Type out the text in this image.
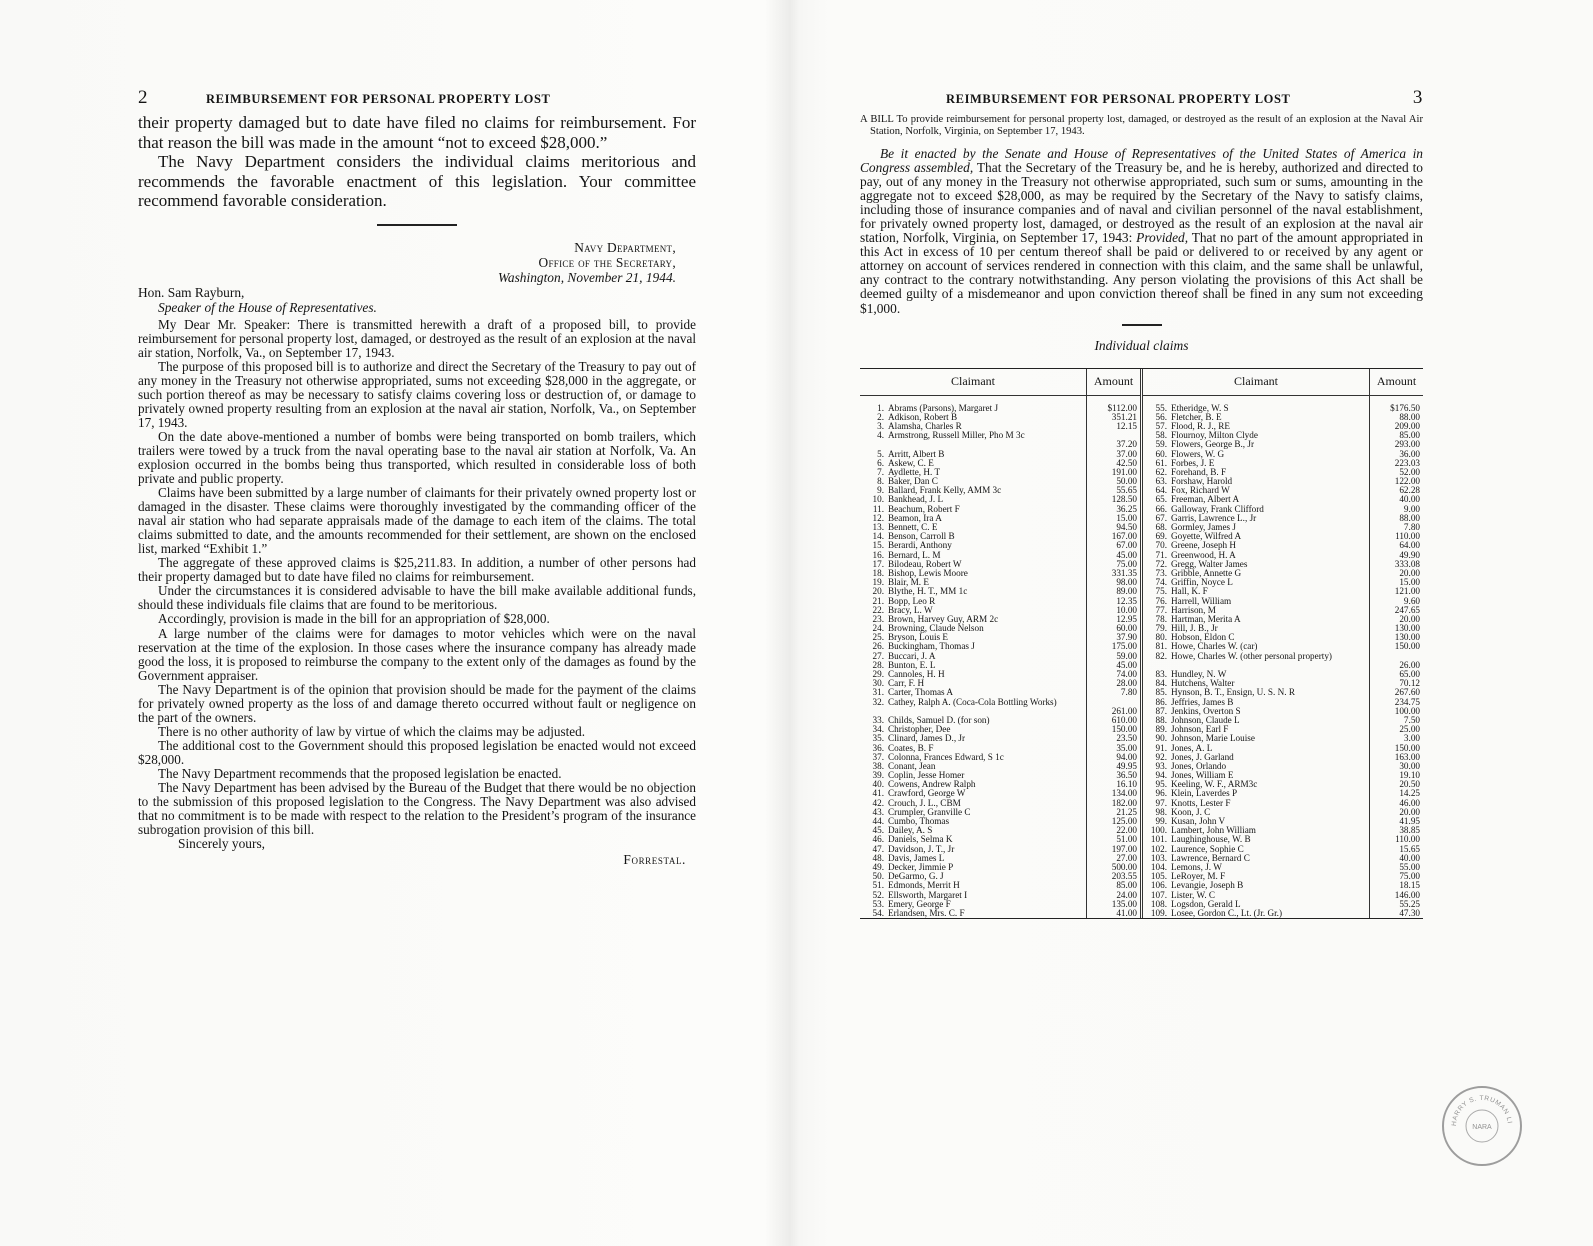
2	REIMBURSEMENT FOR PERSONAL PROPERTY LOST

their property damaged but to date have filed no claims for reimbursement. For that reason the bill was made in the amount “not to exceed $28,000.”

The Navy Department considers the individual claims meritorious and recommends the favorable enactment of this legislation. Your committee recommend favorable consideration.

Navy Department,
Office of the Secretary,
Washington, November 21, 1944.
Hon. Sam Rayburn,
Speaker of the House of Representatives.

My Dear Mr. Speaker: There is transmitted herewith a draft of a proposed bill, to provide reimbursement for personal property lost, damaged, or destroyed as the result of an explosion at the naval air station, Norfolk, Va., on September 17, 1943.

The purpose of this proposed bill is to authorize and direct the Secretary of the Treasury to pay out of any money in the Treasury not otherwise appropriated, sums not exceeding $28,000 in the aggregate, or such portion thereof as may be necessary to satisfy claims covering loss or destruction of, or damage to privately owned property resulting from an explosion at the naval air station, Norfolk, Va., on September 17, 1943.

On the date above-mentioned a number of bombs were being transported on bomb trailers, which trailers were towed by a truck from the naval operating base to the naval air station at Norfolk, Va. An explosion occurred in the bombs being thus transported, which resulted in considerable loss of both private and public property.

Claims have been submitted by a large number of claimants for their privately owned property lost or damaged in the disaster. These claims were thoroughly investigated by the commanding officer of the naval air station who had separate appraisals made of the damage to each item of the claims. The total claims submitted to date, and the amounts recommended for their settlement, are shown on the enclosed list, marked “Exhibit 1.”

The aggregate of these approved claims is $25,211.83. In addition, a number of other persons had their property damaged but to date have filed no claims for reimbursement.

Under the circumstances it is considered advisable to have the bill make available additional funds, should these individuals file claims that are found to be meritorious.

Accordingly, provision is made in the bill for an appropriation of $28,000.

A large number of the claims were for damages to motor vehicles which were on the naval reservation at the time of the explosion. In those cases where the insurance company has already made good the loss, it is proposed to reimburse the company to the extent only of the damages as found by the Government appraiser.

The Navy Department is of the opinion that provision should be made for the payment of the claims for privately owned property as the loss of and damage thereto occurred without fault or negligence on the part of the owners.

There is no other authority of law by virtue of which the claims may be adjusted.

The additional cost to the Government should this proposed legislation be enacted would not exceed $28,000.

The Navy Department recommends that the proposed legislation be enacted.

The Navy Department has been advised by the Bureau of the Budget that there would be no objection to the submission of this proposed legislation to the Congress. The Navy Department was also advised that no commitment is to be made with respect to the relation to the President’s program of the insurance subrogation provision of this bill.

Sincerely yours,
Forrestal.
REIMBURSEMENT FOR PERSONAL PROPERTY LOST	3
A BILL To provide reimbursement for personal property lost, damaged, or destroyed as the result of an explosion at the Naval Air Station, Norfolk, Virginia, on September 17, 1943.

Be it enacted by the Senate and House of Representatives of the United States of America in Congress assembled, That the Secretary of the Treasury be, and he is hereby, authorized and directed to pay, out of any money in the Treasury not otherwise appropriated, such sum or sums, amounting in the aggregate not to exceed $28,000, as may be required by the Secretary of the Navy to satisfy claims, including those of insurance companies and of naval and civilian personnel of the naval establishment, for privately owned property lost, damaged, or destroyed as the result of an explosion at the naval air station, Norfolk, Virginia, on September 17, 1943: Provided, That no part of the amount appropriated in this Act in excess of 10 per centum thereof shall be paid or delivered to or received by any agent or attorney on account of services rendered in connection with this claim, and the same shall be unlawful, any contract to the contrary notwithstanding. Any person violating the provisions of this Act shall be deemed guilty of a misdemeanor and upon conviction thereof shall be fined in any sum not exceeding $1,000.

Individual claims
Claimant
1. Abrams (Parsons), Margaret J
2. Adkison, Robert B
3. Alamsha, Charles R
4. Armstrong, Russell Miller, Pho M 3c
5. Arritt, Albert B
6. Askew, C. E
7. Aydlette, H. T
8. Baker, Dan C
9. Ballard, Frank Kelly, AMM 3c
10. Bankhead, J. L
11. Beachum, Robert F
12. Beamon, Ira A
13. Bennett, C. E
14. Benson, Carroll B
15. Berardi, Anthony
16. Bernard, L. M
17. Bilodeau, Robert W
18. Bishop, Lewis Moore
19. Blair, M. E
20. Blythe, H. T., MM 1c
21. Bopp, Leo R
22. Bracy, L. W
23. Brown, Harvey Guy, ARM 2c
24. Browning, Claude Nelson
25. Bryson, Louis E
26. Buckingham, Thomas J
27. Buccari, J. A
28. Bunton, E. L
29. Cannoles, H. H
30. Carr, F. H
31. Carter, Thomas A
32. Cathey, Ralph A. (Coca-Cola Bottling Works)
33. Childs, Samuel D. (for son)
34. Christopher, Dee
35. Clinard, James D., Jr
36. Coates, B. F
37. Colonna, Frances Edward, S 1c
38. Conant, Jean
39. Coplin, Jesse Homer
40. Cowens, Andrew Ralph
41. Crawford, George W
42. Crouch, J. L., CBM
43. Crumpler, Granville C
44. Cumbo, Thomas
45. Dailey, A. S
46. Daniels, Selma K
47. Davidson, J. T., Jr
48. Davis, James L
49. Decker, Jimmie P
50. DeGarmo, G. J
51. Edmonds, Merrit H
52. Ellsworth, Margaret I
53. Emery, George F
54. Erlandsen, Mrs. C. F
Amount
$112.00
351.21
12.15
37.20
37.00
42.50
191.00
50.00
55.65
128.50
36.25
15.00
94.50
167.00
67.00
45.00
75.00
331.35
98.00
89.00
12.35
10.00
12.95
60.00
37.90
175.00
59.00
45.00
74.00
28.00
7.80
261.00
610.00
150.00
23.50
35.00
94.00
49.95
36.50
16.10
134.00
182.00
21.25
125.00
22.00
51.00
197.00
27.00
500.00
203.55
85.00
24.00
135.00
41.00
Claimant
55. Etheridge, W. S
56. Fletcher, B. E
57. Flood, R. J., RE
58. Flournoy, Milton Clyde
59. Flowers, George B., Jr
60. Flowers, W. G
61. Forbes, J. E
62. Forehand, B. F
63. Forshaw, Harold
64. Fox, Richard W
65. Freeman, Albert A
66. Galloway, Frank Clifford
67. Garris, Lawrence L., Jr
68. Gormley, James J
69. Goyette, Wilfred A
70. Greene, Joseph H
71. Greenwood, H. A
72. Gregg, Walter James
73. Gribble, Annette G
74. Griffin, Noyce L
75. Hall, K. F
76. Harrell, William
77. Harrison, M
78. Hartman, Merita A
79. Hill, J. B., Jr
80. Hobson, Eldon C
81. Howe, Charles W. (car)
82. Howe, Charles W. (other personal property)
83. Hundley, N. W
84. Hutchens, Walter
85. Hynson, B. T., Ensign, U. S. N. R
86. Jeffries, James B
87. Jenkins, Overton S
88. Johnson, Claude L
89. Johnson, Earl F
90. Johnson, Marie Louise
91. Jones, A. L
92. Jones, J. Garland
93. Jones, Orlando
94. Jones, William E
95. Keeling, W. F., ARM3c
96. Klein, Laverdes P
97. Knotts, Lester F
98. Koon, J. C
99. Kusan, John V
100. Lambert, John William
101. Laughinghouse, W. B
102. Laurence, Sophie C
103. Lawrence, Bernard C
104. Lemons, J. W
105. LeRoyer, M. F
106. Levangie, Joseph B
107. Lister, W. C
108. Logsdon, Gerald L
109. Losee, Gordon C., Lt. (Jr. Gr.)
Amount
$176.50
88.00
209.00
85.00
293.00
36.00
223.03
52.00
122.00
62.28
40.00
9.00
88.00
7.80
110.00
64.00
49.90
333.08
20.00
15.00
121.00
9.60
247.65
20.00
130.00
130.00
150.00
26.00
65.00
70.12
267.60
234.75
100.00
7.50
25.00
3.00
150.00
163.00
30.00
19.10
20.50
14.25
46.00
20.00
41.95
38.85
110.00
15.65
40.00
55.00
75.00
18.15
146.00
55.25
47.30
HARRY S. TRUMAN LI
NARA
